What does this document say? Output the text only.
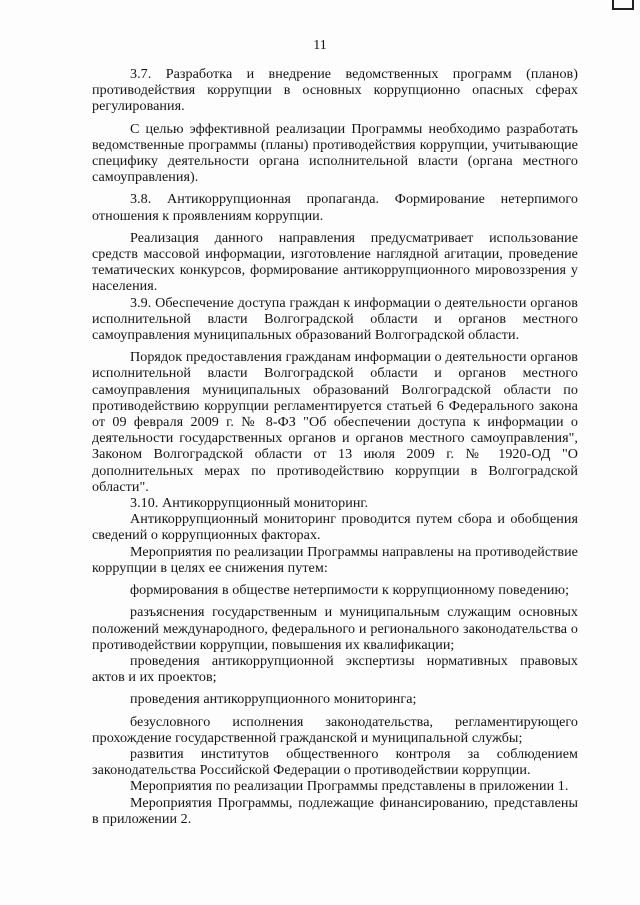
11

3.7. Разработка и внедрение ведомственных программ (планов) противодействия коррупции в основных коррупционно опасных сферах регулирования.

С целью эффективной реализации Программы необходимо разработать ведомственные программы (планы) противодействия коррупции, учитывающие специфику деятельности органа исполнительной власти (органа местного самоуправления).

3.8. Антикоррупционная пропаганда. Формирование нетерпимого отношения к проявлениям коррупции.

Реализация данного направления предусматривает использование средств массовой информации, изготовление наглядной агитации, проведение тематических конкурсов, формирование антикоррупционного мировоззрения у населения.

3.9. Обеспечение доступа граждан к информации о деятельности органов исполнительной власти Волгоградской области и органов местного самоуправления муниципальных образований Волгоградской области.

Порядок предоставления гражданам информации о деятельности органов исполнительной власти Волгоградской области и органов местного самоуправления муниципальных образований Волгоградской области по противодействию коррупции регламентируется статьей 6 Федерального закона от 09 февраля 2009 г. № 8-ФЗ "Об обеспечении доступа к информации о деятельности государственных органов и органов местного самоуправления", Законом Волгоградской области от 13 июля 2009 г. № 1920-ОД "О дополнительных мерах по противодействию коррупции в Волгоградской области".

3.10. Антикоррупционный мониторинг.

Антикоррупционный мониторинг проводится путем сбора и обобщения сведений о коррупционных факторах.

Мероприятия по реализации Программы направлены на противодействие коррупции в целях ее снижения путем:

формирования в обществе нетерпимости к коррупционному поведению;

разъяснения государственным и муниципальным служащим основных положений международного, федерального и регионального законодательства о противодействии коррупции, повышения их квалификации;

проведения антикоррупционной экспертизы нормативных правовых актов и их проектов;

проведения антикоррупционного мониторинга;

безусловного исполнения законодательства, регламентирующего прохождение государственной гражданской и муниципальной службы;

развития институтов общественного контроля за соблюдением законодательства Российской Федерации о противодействии коррупции.

Мероприятия по реализации Программы представлены в приложении 1.

Мероприятия Программы, подлежащие финансированию, представлены в приложении 2.
